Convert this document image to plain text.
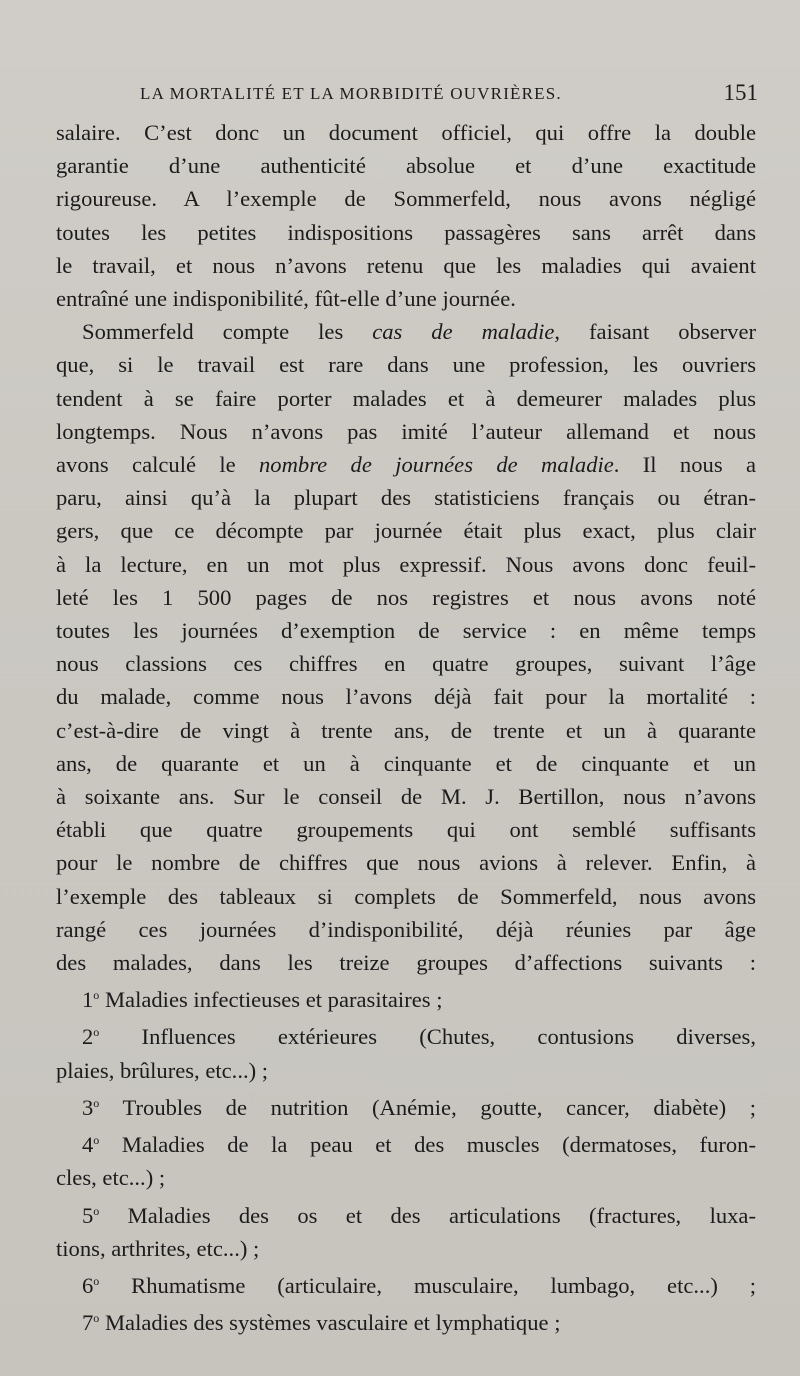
LA MORTALITÉ ET LA MORBIDITÉ OUVRIÈRES.	151

salaire. C’est donc un document officiel, qui offre la double

garantie d’une authenticité absolue et d’une exactitude

rigoureuse. A l’exemple de Sommerfeld, nous avons négligé

toutes les petites indispositions passagères sans arrêt dans

le travail, et nous n’avons retenu que les maladies qui avaient

entraîné une indisponibilité, fût-elle d’une journée.

Sommerfeld compte les cas de maladie, faisant observer

que, si le travail est rare dans une profession, les ouvriers

tendent à se faire porter malades et à demeurer malades plus

longtemps. Nous n’avons pas imité l’auteur allemand et nous

avons calculé le nombre de journées de maladie. Il nous a

paru, ainsi qu’à la plupart des statisticiens français ou étran-

gers, que ce décompte par journée était plus exact, plus clair

à la lecture, en un mot plus expressif. Nous avons donc feuil-

leté les 1 500 pages de nos registres et nous avons noté

toutes les journées d’exemption de service : en même temps

nous classions ces chiffres en quatre groupes, suivant l’âge

du malade, comme nous l’avons déjà fait pour la mortalité :

c’est-à-dire de vingt à trente ans, de trente et un à quarante

ans, de quarante et un à cinquante et de cinquante et un

à soixante ans. Sur le conseil de M. J. Bertillon, nous n’avons

établi que quatre groupements qui ont semblé suffisants

pour le nombre de chiffres que nous avions à relever. Enfin, à

l’exemple des tableaux si complets de Sommerfeld, nous avons

rangé ces journées d’indisponibilité, déjà réunies par âge

des malades, dans les treize groupes d’affections suivants :

1$^o$ Maladies infectieuses et parasitaires ;

2$^o$ Influences extérieures (Chutes, contusions diverses,

plaies, brûlures, etc...) ;

3$^o$ Troubles de nutrition (Anémie, goutte, cancer, diabète) ;

4$^o$ Maladies de la peau et des muscles (dermatoses, furon-

cles, etc...) ;

5$^o$ Maladies des os et des articulations (fractures, luxa-

tions, arthrites, etc...) ;

6$^o$ Rhumatisme (articulaire, musculaire, lumbago, etc...) ;

7$^o$ Maladies des systèmes vasculaire et lymphatique ;
